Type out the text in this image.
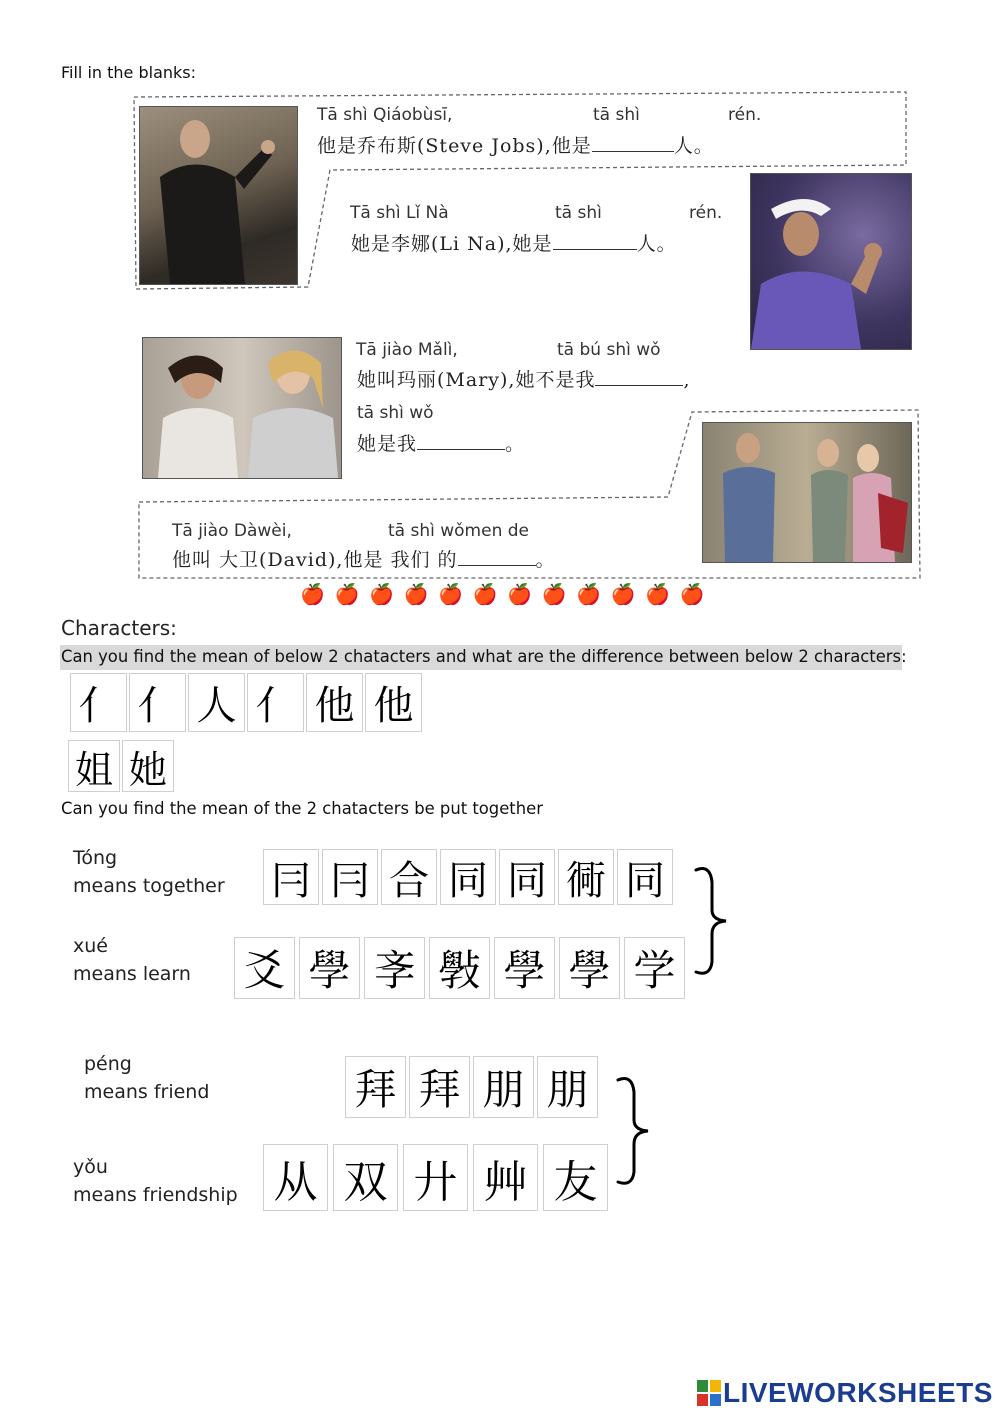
Fill in the blanks:
Tā shì Qiáobùsī,	tā shì	rén.
他是乔布斯(Steve Jobs),他是	人。
Tā shì Lǐ Nà	tā shì	rén.
她是李娜(Li Na),她是	人。
Tā jiào Mǎlì,	tā bú shì wǒ
她叫玛丽(Mary),她不是我	,
tā shì wǒ
她是我	。
Tā jiào Dàwèi,	tā shì wǒmen de
他叫 大卫(David),他是 我们 的	。
🍎 🍎 🍎 🍎 🍎 🍎 🍎 🍎 🍎 🍎 🍎 🍎
Characters:
Can you find the mean of below 2 chatacters and what are the difference between below 2 characters:
亻 亻 人 亻 他 他
姐 她
Can you find the mean of the 2 chatacters be put together
Tóng
means together 冃 冃 合 同 同 衕 同
xué
means learn 爻 學 斈 斅 學 學 学
péng
means friend	拜 拜 朋 朋
yǒu
means friendship 从 双 廾 艸 友
LIVEWORKSHEETS
